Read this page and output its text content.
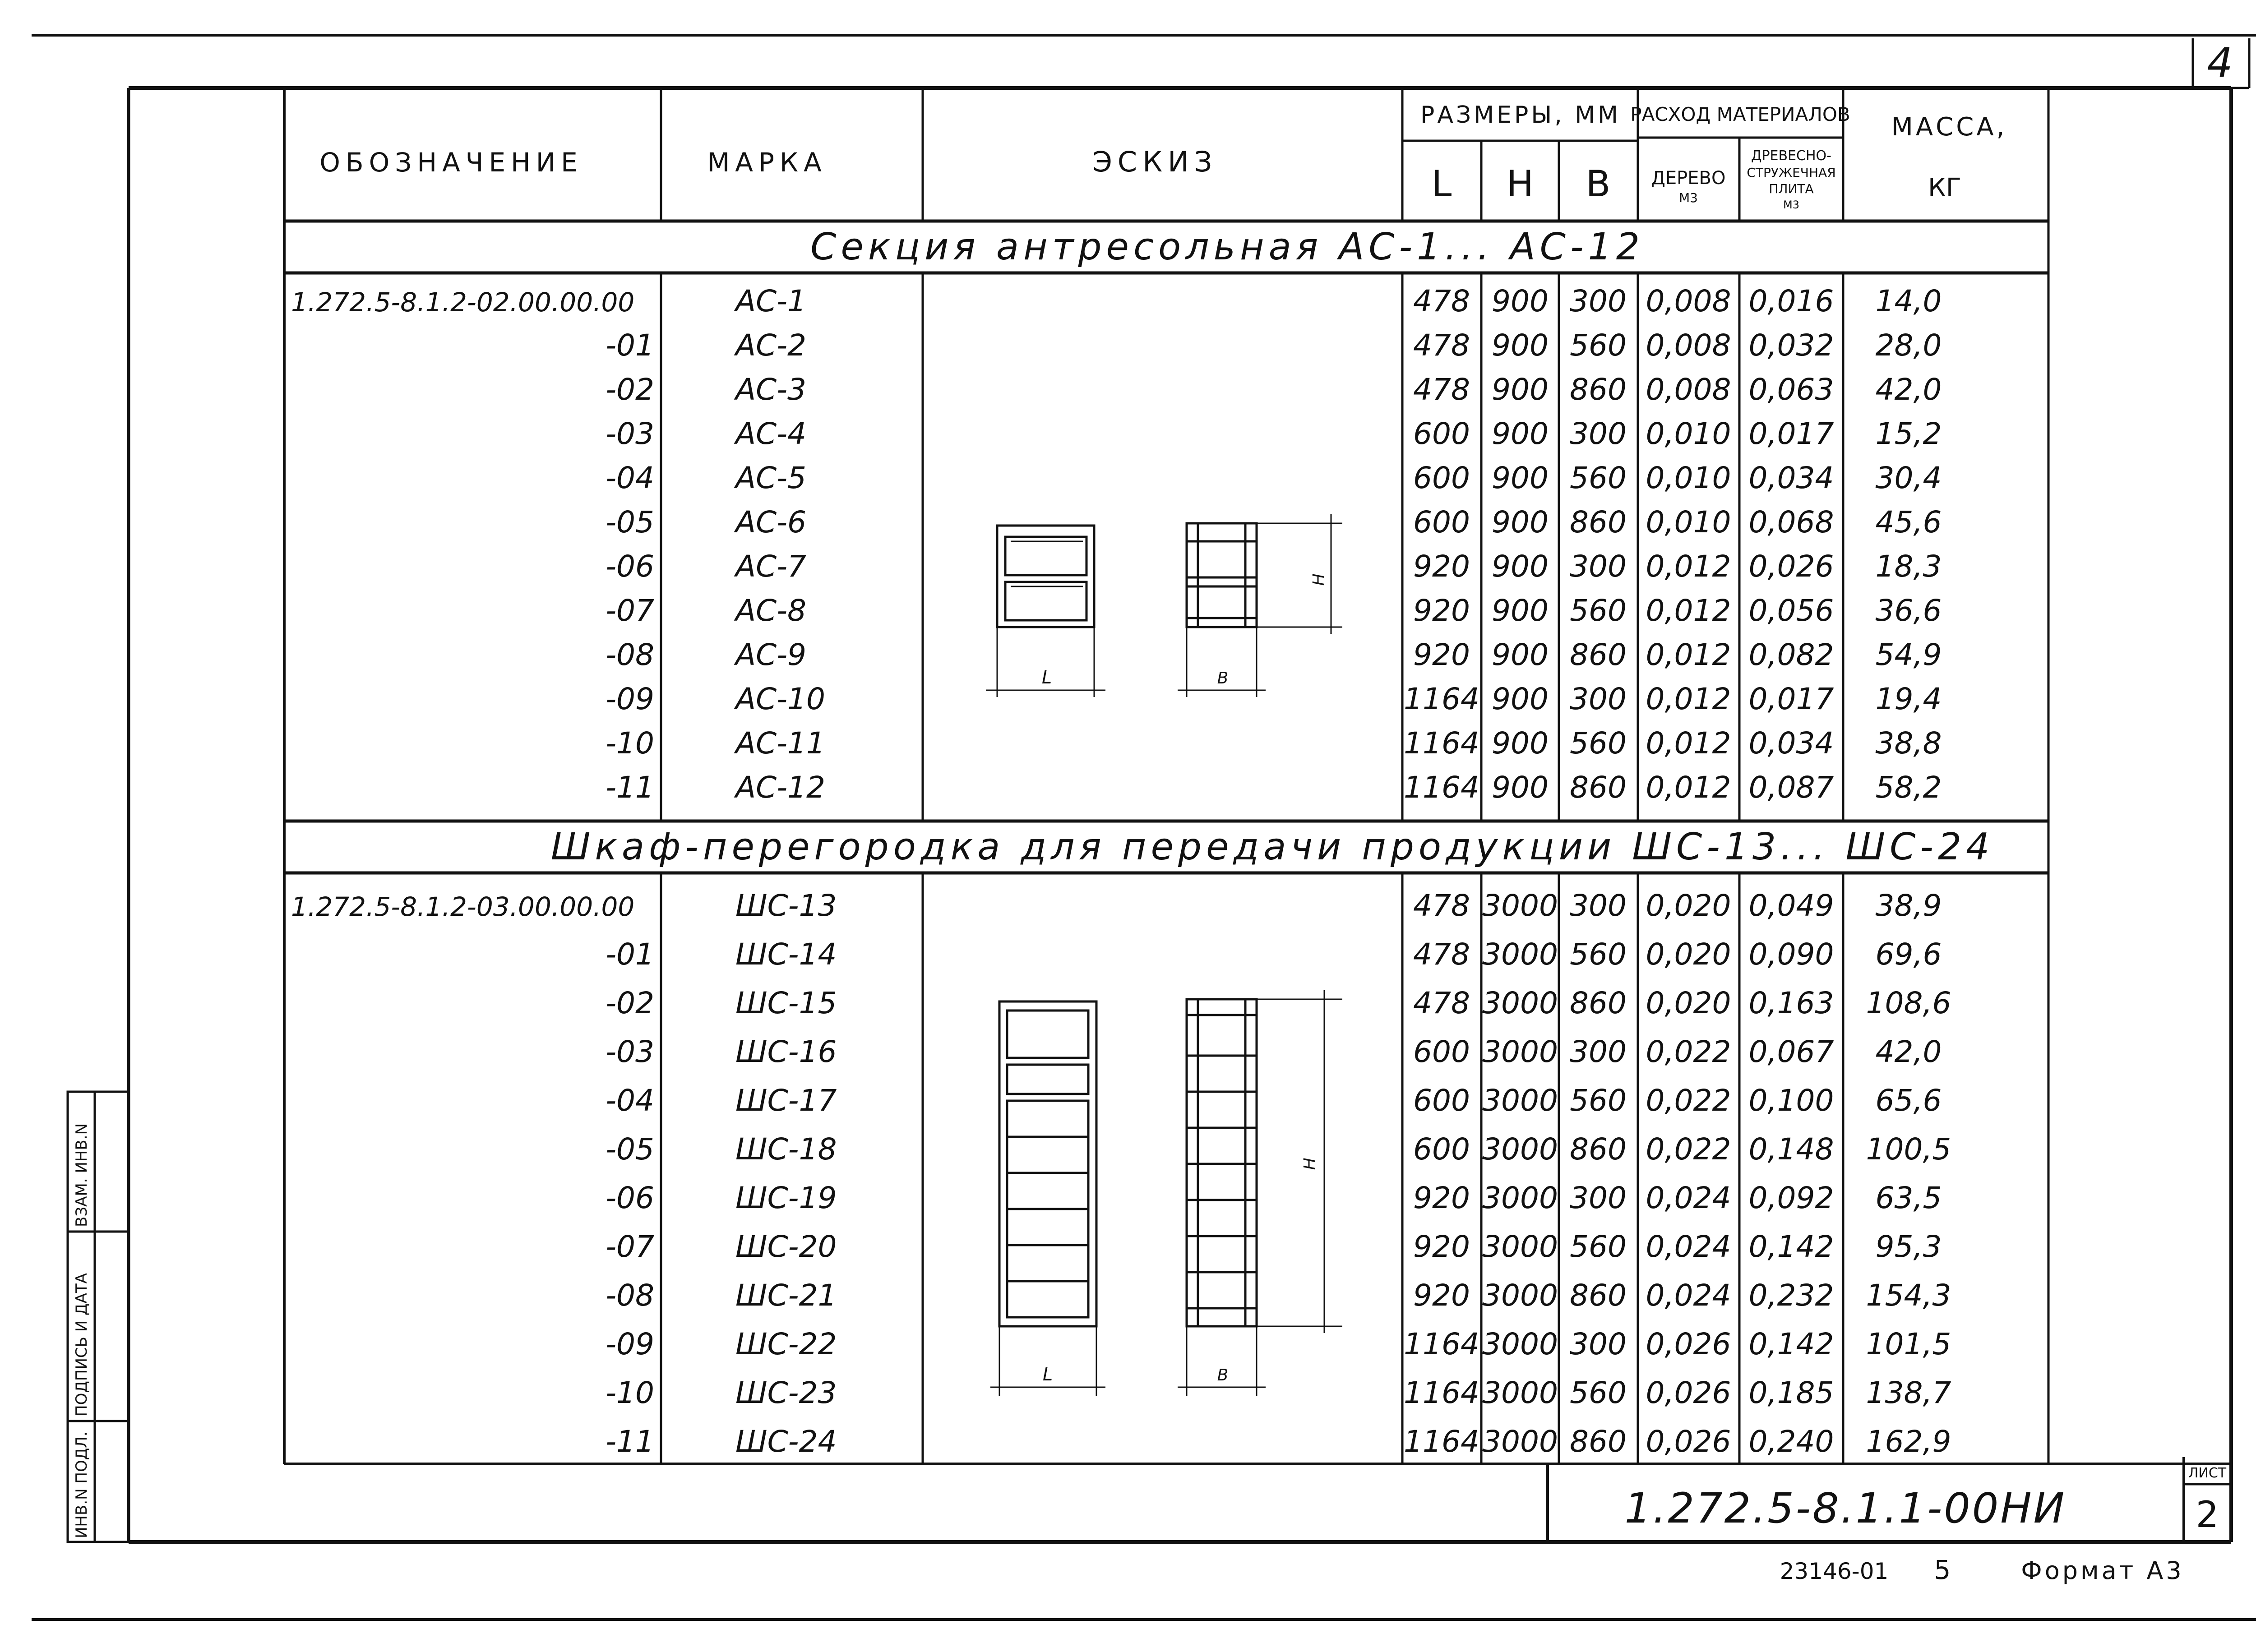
4
ИНВ.N ПОДЛ.
ПОДПИСЬ И ДАТА
ВЗАМ. ИНВ.N
ОБОЗНАЧЕНИЕ	МАРКА	ЭСКИЗ
РАЗМЕРЫ, ММ
L H B
РАСХОД МАТЕРИАЛОВ
ДЕРЕВО
М3
ДРЕВЕСНО-
СТРУЖЕЧНАЯ
ПЛИТА
М3
МАССА,
КГ
Секция антресольная АС-1... АС-12
Шкаф-перегородка для передачи продукции ШС-13... ШС-24
L	B
H
L	B
H
1.272.5-8.1.2-02.00.00.00	АС-1	478 900 300 0,008 0,016 14,0
-01	АС-2	478 900 560 0,008 0,032 28,0
-02	АС-3	478 900 860 0,008 0,063 42,0
-03	АС-4	600 900 300 0,010 0,017 15,2
-04	АС-5	600 900 560 0,010 0,034 30,4
-05	АС-6	600 900 860 0,010 0,068 45,6
-06	АС-7	920 900 300 0,012 0,026 18,3
-07	АС-8	920 900 560 0,012 0,056 36,6
-08	АС-9	920 900 860 0,012 0,082 54,9
-09	АС-10	1164 900 300 0,012 0,017 19,4
-10	АС-11	1164 900 560 0,012 0,034 38,8
-11	АС-12	1164 900 860 0,012 0,087 58,2
1.272.5-8.1.2-03.00.00.00	ШС-13	478 3000 300 0,020 0,049 38,9
-01	ШС-14	478 3000 560 0,020 0,090 69,6
-02	ШС-15	478 3000 860 0,020 0,163 108,6
-03	ШС-16	600 3000 300 0,022 0,067 42,0
-04	ШС-17	600 3000 560 0,022 0,100 65,6
-05	ШС-18	600 3000 860 0,022 0,148 100,5
-06	ШС-19	920 3000 300 0,024 0,092 63,5
-07	ШС-20	920 3000 560 0,024 0,142 95,3
-08	ШС-21	920 3000 860 0,024 0,232 154,3
-09	ШС-22	1164 3000 300 0,026 0,142 101,5
-10	ШС-23	1164 3000 560 0,026 0,185 138,7
-11	ШС-24	1164 3000 860 0,026 0,240 162,9
1.272.5-8.1.1-00НИ
ЛИСТ
2
23146-01 5	Формат А3
